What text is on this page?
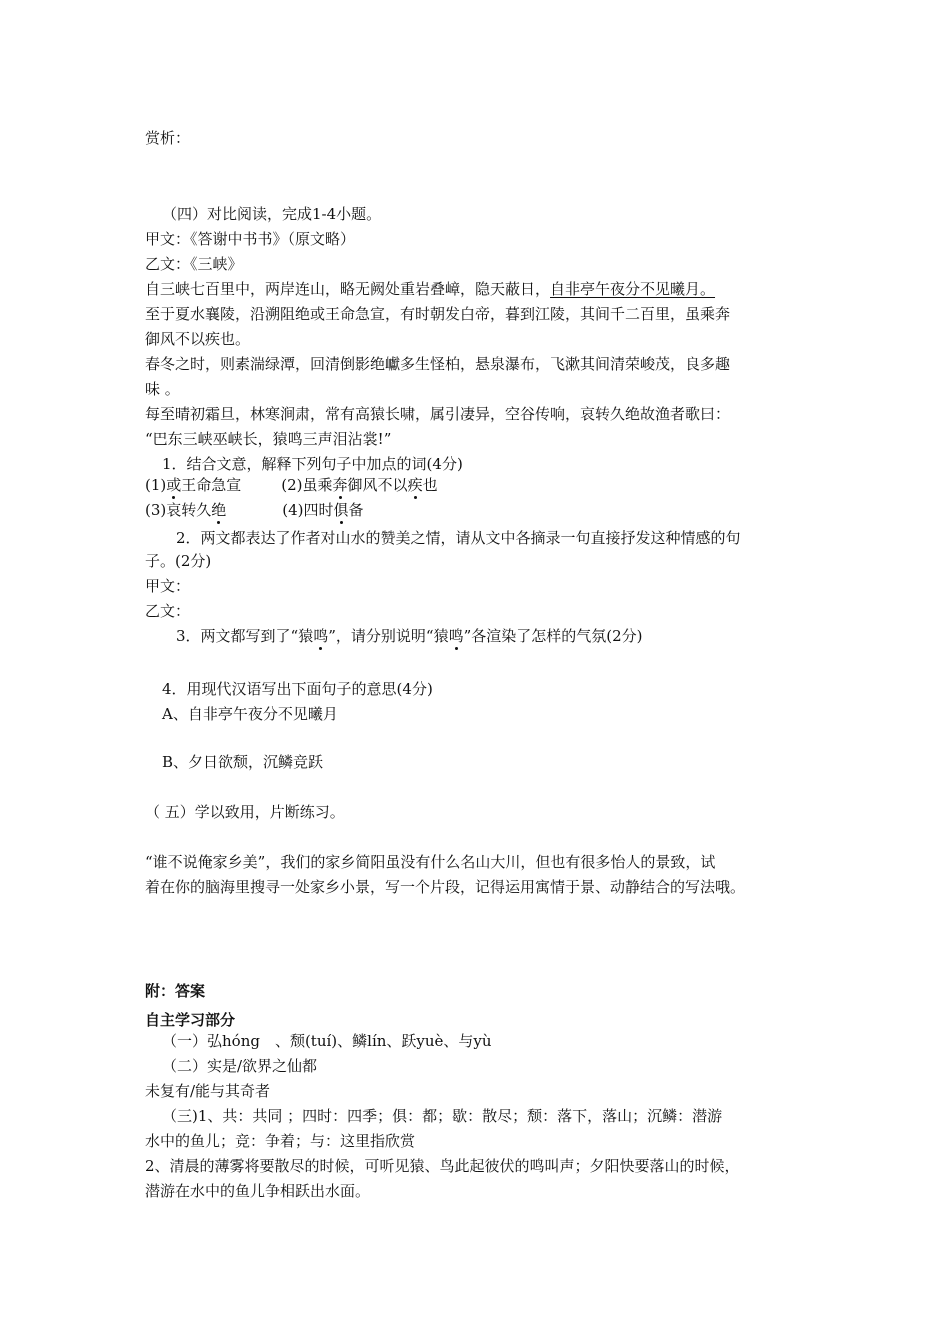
赏析：
（四）对比阅读，完成1-4小题。
甲文：《答谢中书书》（原文略）
乙文：《三峡》
自三峡七百里中，两岸连山，略无阙处重岩叠嶂，隐天蔽日，自非亭午夜分不见曦月。
至于夏水襄陵，沿溯阻绝或王命急宣，有时朝发白帝，暮到江陵，其间千二百里，虽乘奔
御风不以疾也。
春冬之时，则素湍绿潭，回清倒影绝巘多生怪柏，悬泉瀑布，飞漱其间清荣峻茂，良多趣
味 。
每至晴初霜旦，林寒涧肃，常有高猿长啸，属引凄异，空谷传响，哀转久绝故渔者歌曰：
“巴东三峡巫峡长，猿鸣三声泪沾裳!”
1．结合文意，解释下列句子中加点的词(4分)
(1)或王命急宣	(2)虽乘奔御风不以疾也
(3)哀转久绝	(4)四时俱备
2．两文都表达了作者对山水的赞美之情，请从文中各摘录一句直接抒发这种情感的句
子。(2分)
甲文：
乙文：
3．两文都写到了“猿鸣”，请分别说明“猿鸣”各渲染了怎样的气氛(2分)
4．用现代汉语写出下面句子的意思(4分)
A、自非亭午夜分不见曦月
B、夕日欲颓，沉鳞竞跃
（ 五）学以致用，片断练习。
“谁不说俺家乡美”，我们的家乡简阳虽没有什么名山大川，但也有很多怡人的景致，试
着在你的脑海里搜寻一处家乡小景，写一个片段，记得运用寓情于景、动静结合的写法哦。
附：答案
自主学习部分
（一）弘hóng　、颓(tuí)、鳞lín、跃yuè、与yù
（二）实是/欲界之仙都
未复有/能与其奇者
（三)1、共：共同 ；四时：四季；俱：都；歇：散尽；颓：落下，落山；沉鳞：潜游
水中的鱼儿；竞：争着；与：这里指欣赏
2、清晨的薄雾将要散尽的时候，可听见猿、鸟此起彼伏的鸣叫声；夕阳快要落山的时候，
潜游在水中的鱼儿争相跃出水面。
